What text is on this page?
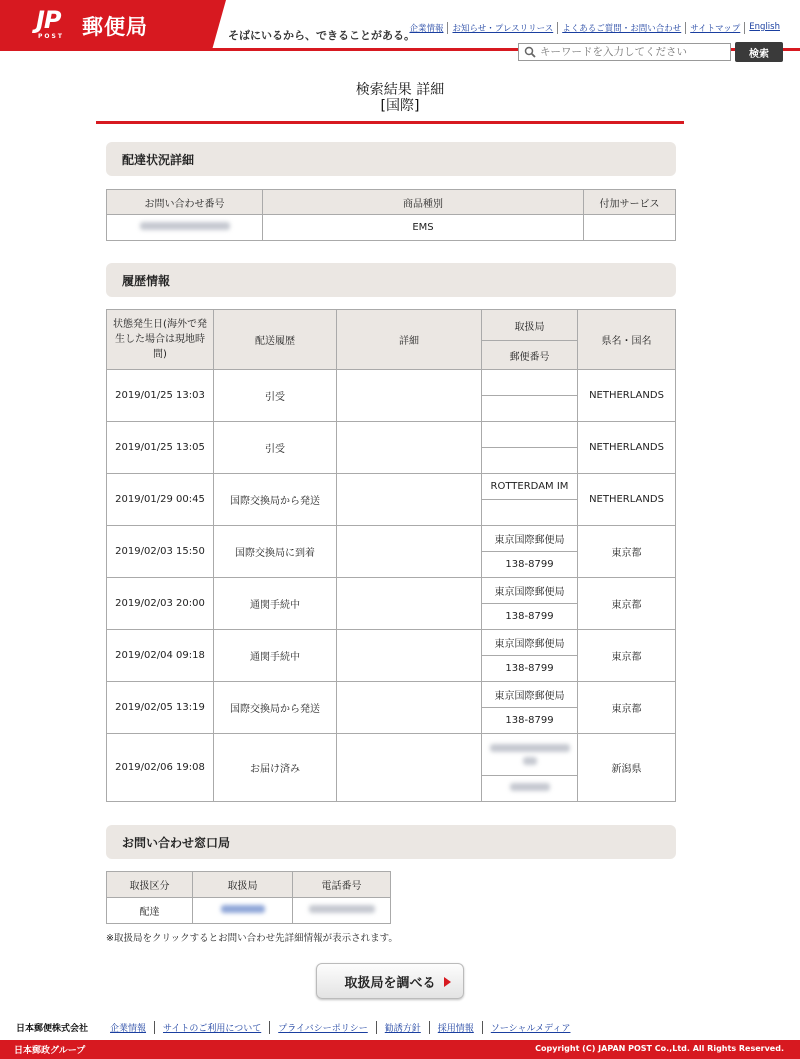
JP
POST 郵便局	そばにいるから、できることがある。
企業情報	お知らせ・プレスリリース	よくあるご質問・お問い合わせ	サイトマップ	English
キーワードを入力してください
検索
検索結果 詳細
[国際]
配達状況詳細
お問い合わせ番号	商品種別	付加サービス
	EMS	
履歴情報
状態発生日(海外で発生した場合は現地時間)	配送履歴	詳細	取扱局	県名・国名
			郵便番号	
2019/01/25 13:03	引受			NETHERLANDS

2019/01/25 13:05	引受			NETHERLANDS

2019/01/29 00:45	国際交換局から発送		ROTTERDAM IM	NETHERLANDS

2019/02/03 15:50	国際交換局に到着		東京国際郵便局	東京都
			138-8799	
2019/02/03 20:00	通関手続中		東京国際郵便局	東京都
			138-8799	
2019/02/04 09:18	通関手続中		東京国際郵便局	東京都
			138-8799	
2019/02/05 13:19	国際交換局から発送		東京国際郵便局	東京都
			138-8799	
2019/02/06 19:08	お届け済み			新潟県

お問い合わせ窓口局
取扱区分	取扱局	電話番号
配達		
※取扱局をクリックするとお問い合わせ先詳細情報が表示されます。
取扱局を調べる
日本郵便株式会社 企業情報	サイトのご利用について	プライバシーポリシー	勧誘方針	採用情報	ソーシャルメディア
日本郵政グループ	Copyright (C) JAPAN POST Co.,Ltd. All Rights Reserved.
